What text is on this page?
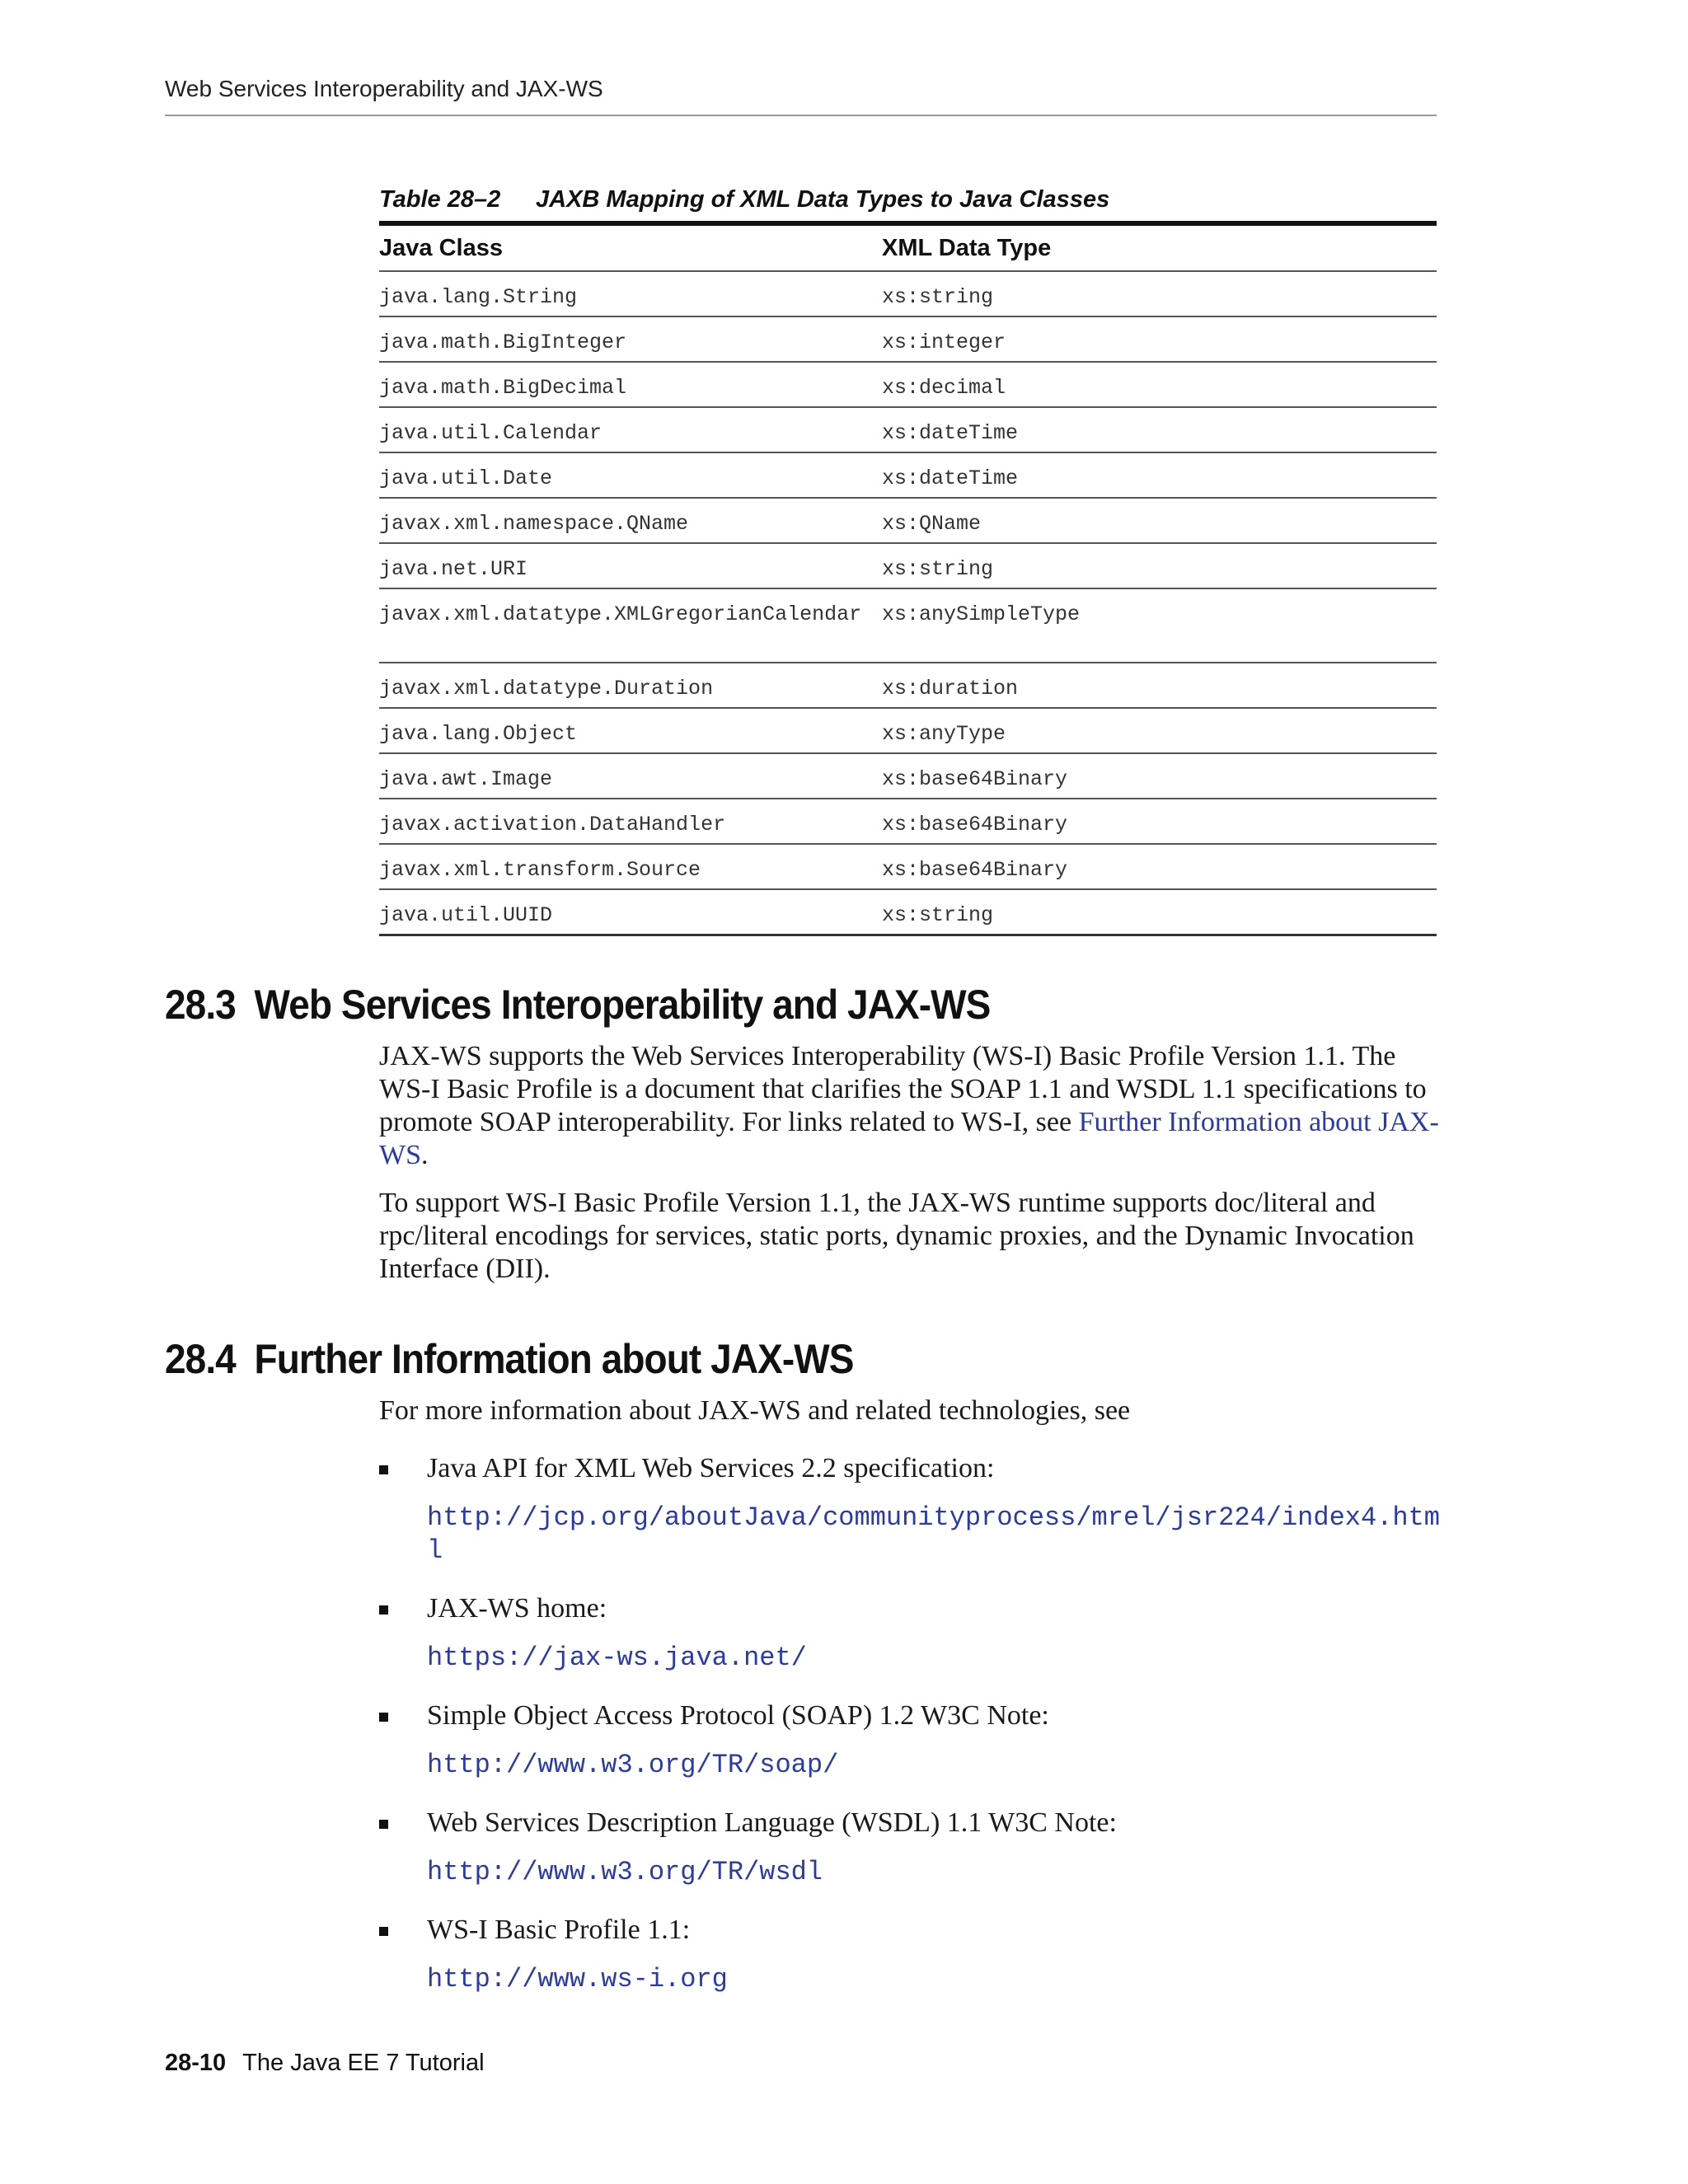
Web Services Interoperability and JAX-WS
Table 28–2 JAXB Mapping of XML Data Types to Java Classes
Java Class	XML Data Type
java.lang.String	xs:string
java.math.BigInteger	xs:integer
java.math.BigDecimal	xs:decimal
java.util.Calendar	xs:dateTime
java.util.Date	xs:dateTime
javax.xml.namespace.QName	xs:QName
java.net.URI	xs:string
javax.xml.datatype.XMLGregorianCalendar	xs:anySimpleType
javax.xml.datatype.Duration	xs:duration
java.lang.Object	xs:anyType
java.awt.Image	xs:base64Binary
javax.activation.DataHandler	xs:base64Binary
javax.xml.transform.Source	xs:base64Binary
java.util.UUID	xs:string
28.3 Web Services Interoperability and JAX-WS

JAX-WS supports the Web Services Interoperability (WS-I) Basic Profile Version 1.1. The WS-I Basic Profile is a document that clarifies the SOAP 1.1 and WSDL 1.1 specifications to promote SOAP interoperability. For links related to WS-I, see Further Information about JAX-WS.

To support WS-I Basic Profile Version 1.1, the JAX-WS runtime supports doc/literal and rpc/literal encodings for services, static ports, dynamic proxies, and the Dynamic Invocation Interface (DII).

28.4 Further Information about JAX-WS

For more information about JAX-WS and related technologies, see

Java API for XML Web Services 2.2 specification:

http://jcp.org/aboutJava/communityprocess/mrel/jsr224/index4.html

JAX-WS home:

https://jax-ws.java.net/

Simple Object Access Protocol (SOAP) 1.2 W3C Note:

http://www.w3.org/TR/soap/

Web Services Description Language (WSDL) 1.1 W3C Note:

http://www.w3.org/TR/wsdl

WS-I Basic Profile 1.1:

http://www.ws-i.org

28-10 The Java EE 7 Tutorial
